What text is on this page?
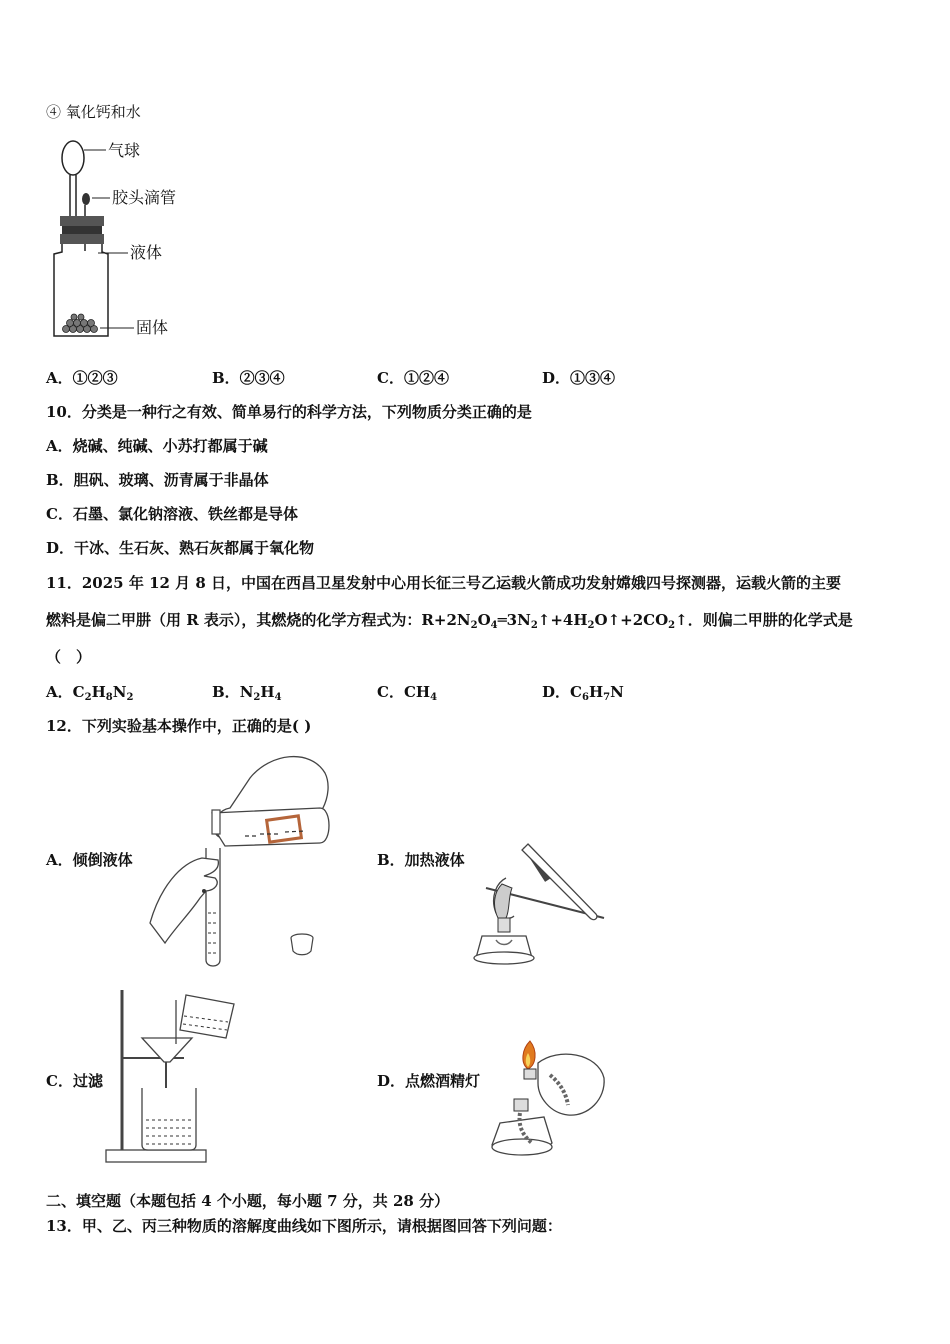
④ 氧化钙和水
气球
胶头滴管
液体
固体
A．①②③	B．②③④	C．①②④	D．①③④
10．分类是一种行之有效、简单易行的科学方法，下列物质分类正确的是
A．烧碱、纯碱、小苏打都属于碱
B．胆矾、玻璃、沥青属于非晶体
C．石墨、氯化钠溶液、铁丝都是导体
D．干冰、生石灰、熟石灰都属于氧化物
11．2025 年 12 月 8 日，中国在西昌卫星发射中心用长征三号乙运载火箭成功发射嫦娥四号探测器，运载火箭的主要
燃料是偏二甲肼（用 R 表示），其燃烧的化学方程式为：$R+2N_2O_4═3N_2↑+4H_2O↑+2CO_2↑$．则偏二甲肼的化学式是
（　）
A．$C_2H_8N_2$	B．$N_2H_4$	C．$CH_4$	D．$C_6H_7N$
12．下列实验基本操作中，正确的是( )
A．倾倒液体	B．加热液体
C．过滤	D．点燃酒精灯
二、填空题（本题包括 4 个小题，每小题 7 分，共 28 分）
13．甲、乙、丙三种物质的溶解度曲线如下图所示，请根据图回答下列问题：
